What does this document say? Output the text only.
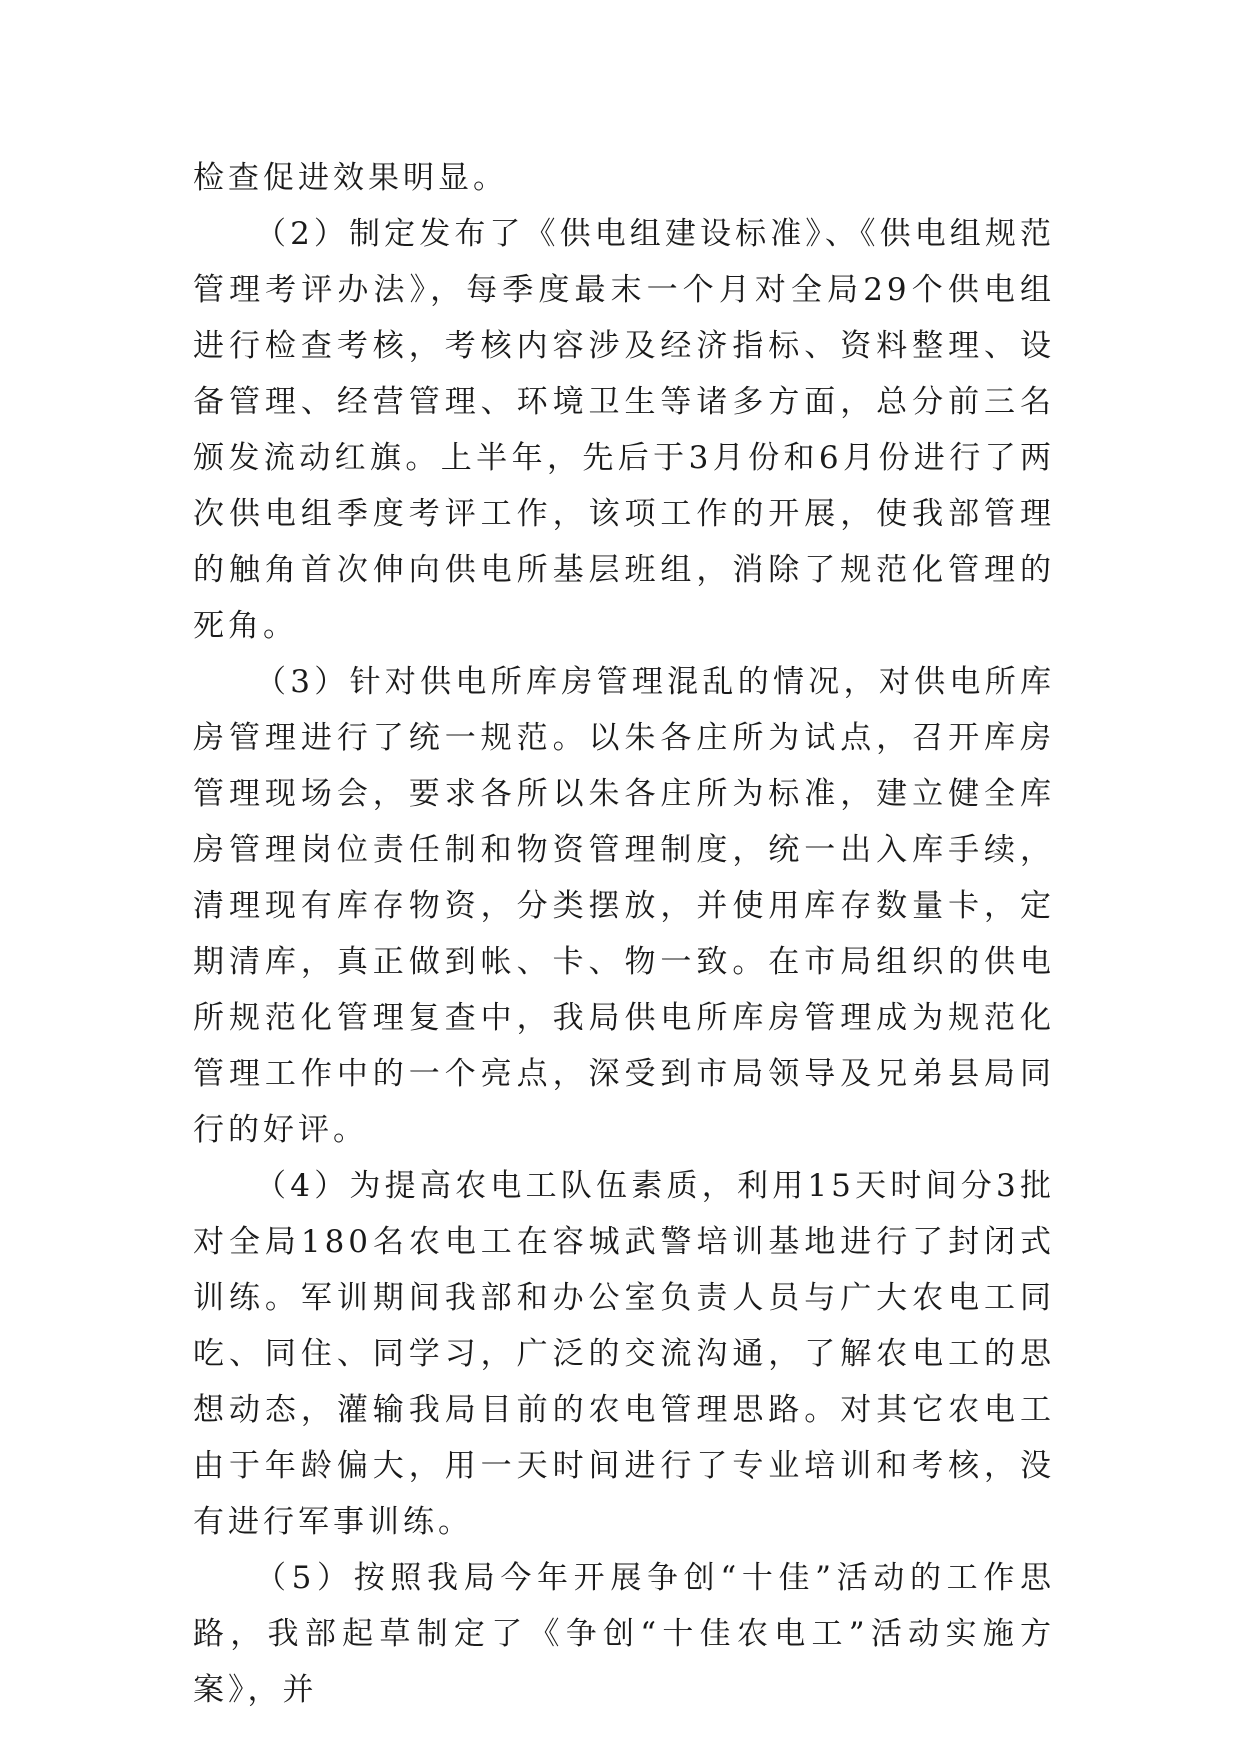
检查促进效果明显。

（2）制定发布了《供电组建设标准》、《供电组规范管理考评办法》，每季度最末一个月对全局29个供电组进行检查考核，考核内容涉及经济指标、资料整理、设备管理、经营管理、环境卫生等诸多方面，总分前三名颁发流动红旗。上半年，先后于3月份和6月份进行了两次供电组季度考评工作，该项工作的开展，使我部管理的触角首次伸向供电所基层班组，消除了规范化管理的死角。

（3）针对供电所库房管理混乱的情况，对供电所库房管理进行了统一规范。以朱各庄所为试点，召开库房管理现场会，要求各所以朱各庄所为标准，建立健全库房管理岗位责任制和物资管理制度，统一出入库手续，清理现有库存物资，分类摆放，并使用库存数量卡，定期清库，真正做到帐、卡、物一致。在市局组织的供电所规范化管理复查中，我局供电所库房管理成为规范化管理工作中的一个亮点，深受到市局领导及兄弟县局同行的好评。

（4）为提高农电工队伍素质，利用15天时间分3批对全局180名农电工在容城武警培训基地进行了封闭式训练。军训期间我部和办公室负责人员与广大农电工同吃、同住、同学习，广泛的交流沟通，了解农电工的思想动态，灌输我局目前的农电管理思路。对其它农电工由于年龄偏大，用一天时间进行了专业培训和考核，没有进行军事训练。

（5）按照我局今年开展争创“十佳”活动的工作思路，我部起草制定了《争创“十佳农电工”活动实施方案》，并
